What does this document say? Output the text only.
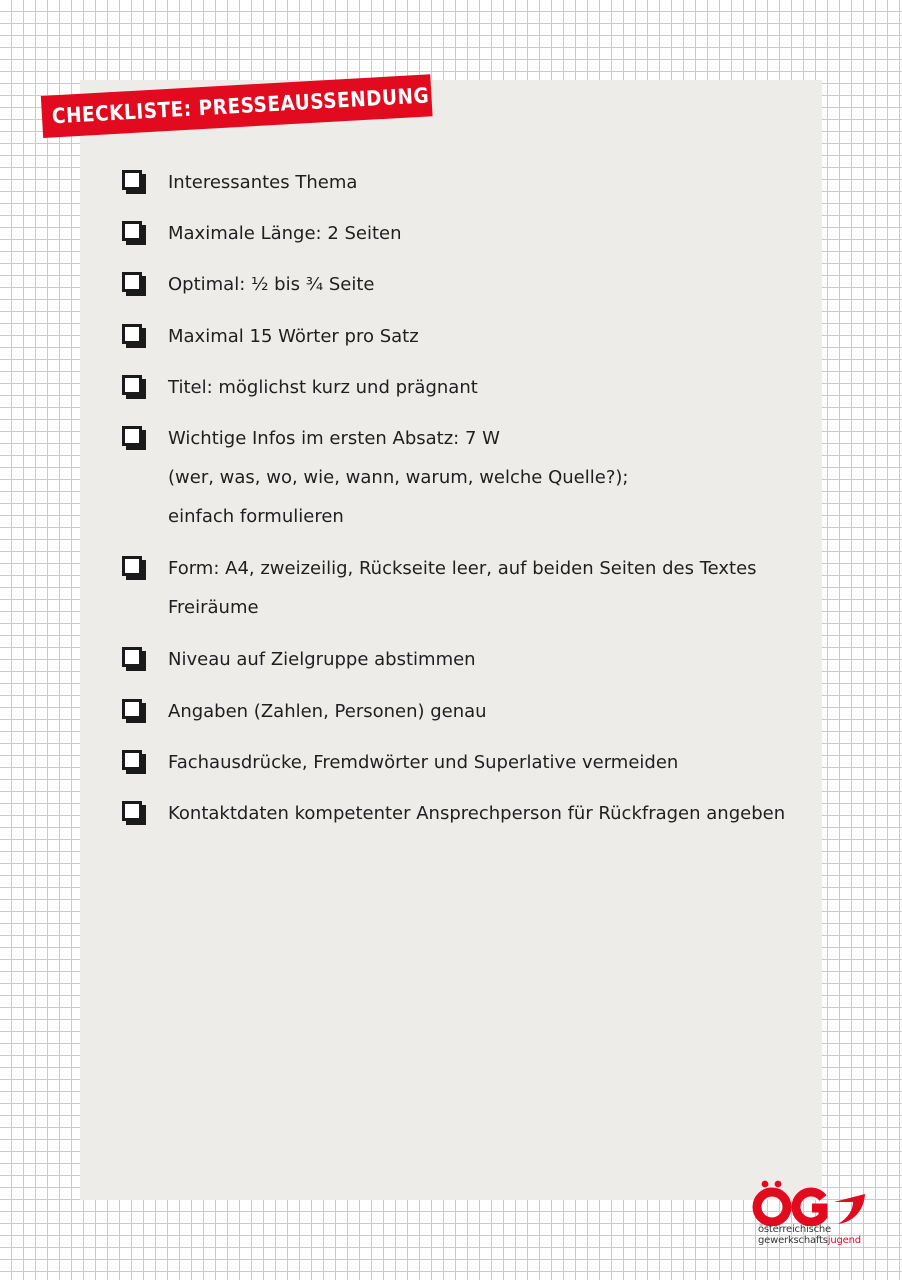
CHECKLISTE: PRESSEAUSSENDUNG
Interessantes Thema
Maximale Länge: 2 Seiten
Optimal: ½ bis ¾ Seite
Maximal 15 Wörter pro Satz
Titel: möglichst kurz und prägnant
Wichtige Infos im ersten Absatz: 7 W
(wer, was, wo, wie, wann, warum, welche Quelle?);
einfach formulieren
Form: A4, zweizeilig, Rückseite leer, auf beiden Seiten des Textes
Freiräume
Niveau auf Zielgruppe abstimmen
Angaben (Zahlen, Personen) genau
Fachausdrücke, Fremdwörter und Superlative vermeiden
Kontaktdaten kompetenter Ansprechperson für Rückfragen angeben
österreichische
gewerkschaftsjugend
